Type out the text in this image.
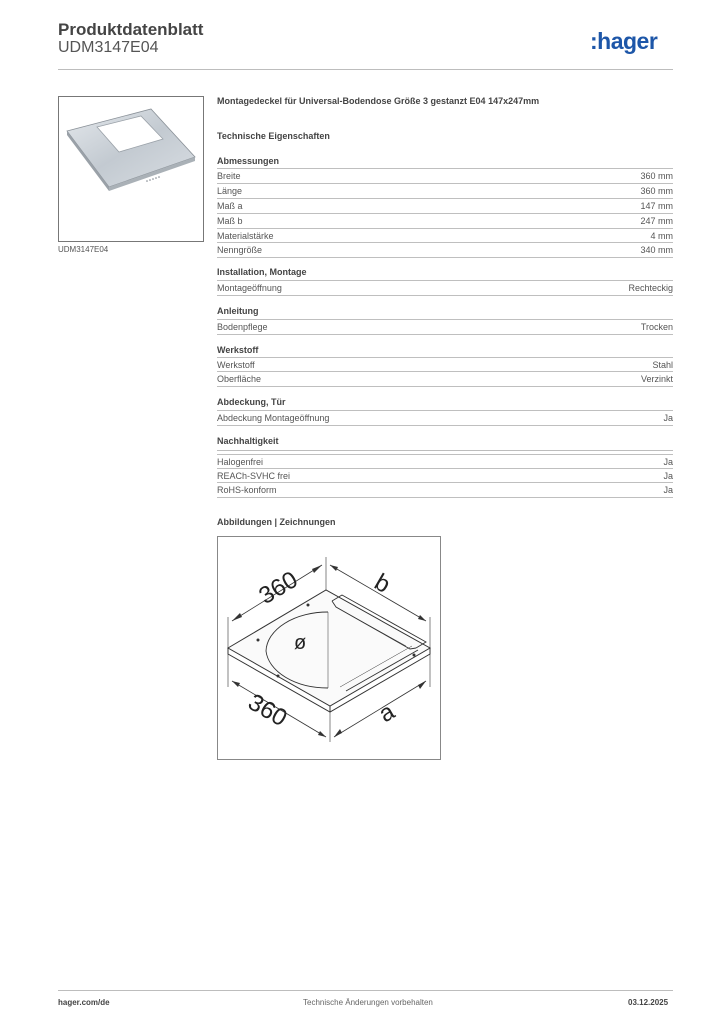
Produktdatenblatt
UDM3147E04	:hager
UDM3147E04
Montagedeckel für Universal-Bodendose Größe 3 gestanzt E04 147x247mm
Technische Eigenschaften
Abmessungen
Breite	360 mm
Länge	360 mm
Maß a	147 mm
Maß b	247 mm
Materialstärke	4 mm
Nenngröße	340 mm
Installation, Montage
Montageöffnung	Rechteckig
Anleitung
Bodenpflege	Trocken
Werkstoff
Werkstoff	Stahl
Oberfläche	Verzinkt
Abdeckung, Tür
Abdeckung Montageöffnung	Ja
Nachhaltigkeit
Halogenfrei	Ja
REACh-SVHC frei	Ja
RoHS-konform	Ja
Abbildungen | Zeichnungen
360	b
360	a
ø
hager.com/de	Technische Änderungen vorbehalten	03.12.2025
